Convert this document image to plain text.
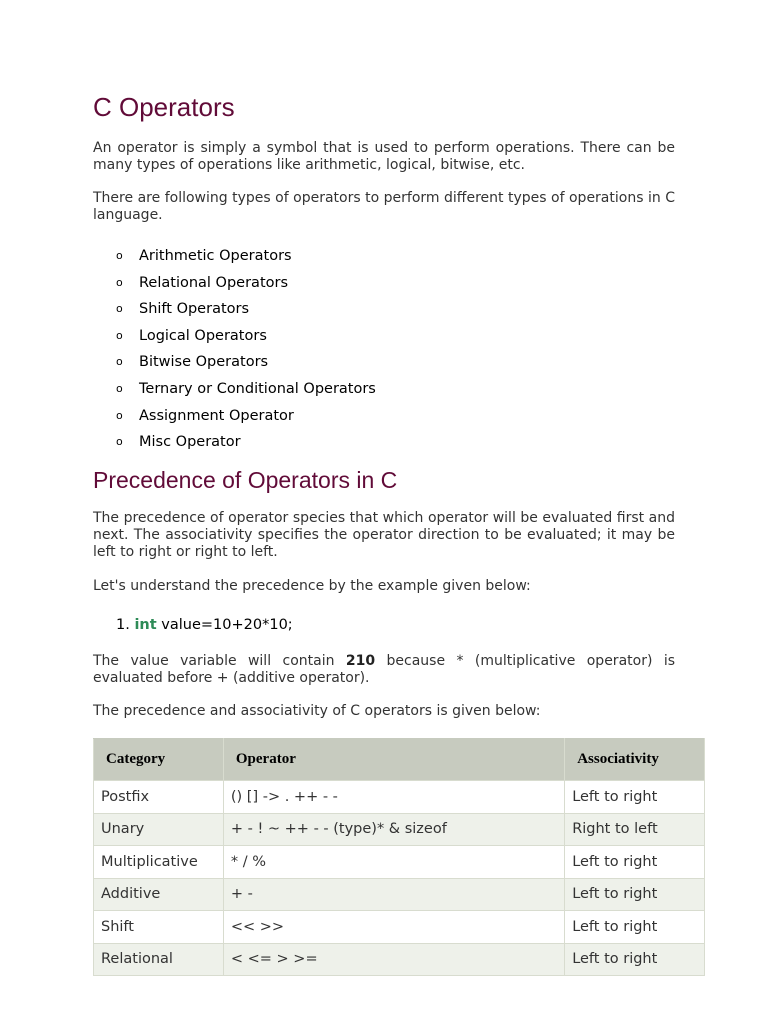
C Operators

An operator is simply a symbol that is used to perform operations. There can be many types of operations like arithmetic, logical, bitwise, etc.

There are following types of operators to perform different types of operations in C language.

o Arithmetic Operators
o Relational Operators
o Shift Operators
o Logical Operators
o Bitwise Operators
o Ternary or Conditional Operators
o Assignment Operator
o Misc Operator
Precedence of Operators in C

The precedence of operator species that which operator will be evaluated first and next. The associativity specifies the operator direction to be evaluated; it may be left to right or right to left.

Let's understand the precedence by the example given below:

1. int value=10+20*10;

The value variable will contain 210 because * (multiplicative operator) is evaluated before + (additive operator).

The precedence and associativity of C operators is given below:

Category	Operator	Associativity
Postfix	() [] -> . ++ - -	Left to right
Unary	+ - ! ~ ++ - - (type)* & sizeof	Right to left
Multiplicative	* / %	Left to right
Additive	+ -	Left to right
Shift	<< >>	Left to right
Relational	< <= > >=	Left to right
